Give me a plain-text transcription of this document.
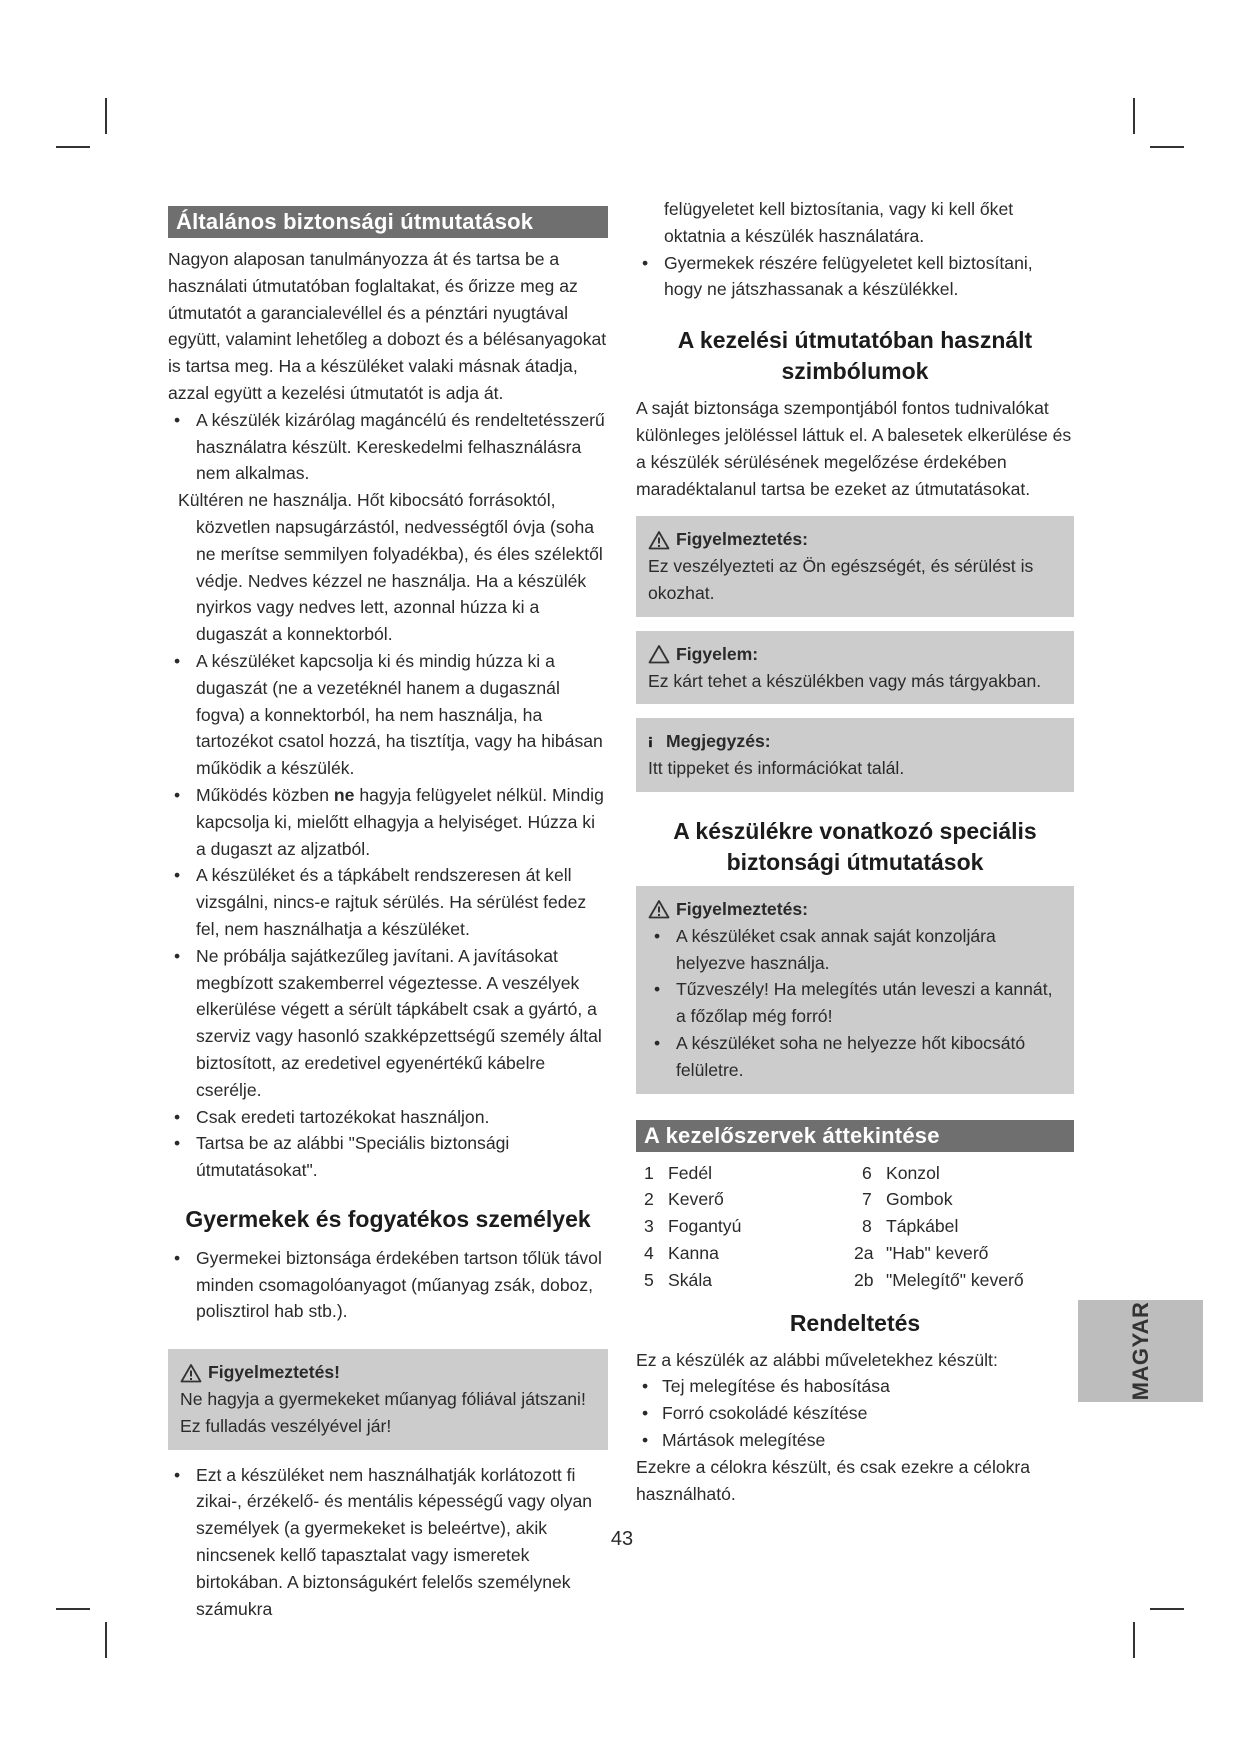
Általános biztonsági útmutatások

Nagyon alaposan tanulmányozza át és tartsa be a használati útmutatóban foglaltakat, és őrizze meg az útmutatót a garancialevéllel és a pénztári nyugtával együtt, valamint lehetőleg a dobozt és a bélésanyagokat is tartsa meg. Ha a készüléket valaki másnak átadja, azzal együtt a kezelési útmutatót is adja át.

• A készülék kizárólag magáncélú és rendeltetésszerű használatra készült. Kereskedelmi felhasználásra nem alkalmas.

Kültéren ne használja. Hőt kibocsátó forrásoktól, közvetlen napsugárzástól, nedvességtől óvja (soha ne merítse semmilyen folyadékba), és éles szélektől védje. Nedves kézzel ne használja. Ha a készülék nyirkos vagy nedves lett, azonnal húzza ki a dugaszát a konnektorból.

• A készüléket kapcsolja ki és mindig húzza ki a dugaszát (ne a vezetéknél hanem a dugasznál fogva) a konnektorból, ha nem használja, ha tartozékot csatol hozzá, ha tisztítja, vagy ha hibásan működik a készülék.
• Működés közben ne hagyja felügyelet nélkül. Mindig kapcsolja ki, mielőtt elhagyja a helyiséget. Húzza ki a dugaszt az aljzatból.
• A készüléket és a tápkábelt rendszeresen át kell vizsgálni, nincs-e rajtuk sérülés. Ha sérülést fedez fel, nem használhatja a készüléket.
• Ne próbálja sajátkezűleg javítani. A javításokat megbízott szakemberrel végeztesse. A veszélyek elkerülése végett a sérült tápkábelt csak a gyártó, a szerviz vagy hasonló szakképzettségű személy által biztosított, az eredetivel egyenértékű kábelre cserélje.
• Csak eredeti tartozékokat használjon.
• Tartsa be az alábbi "Speciális biztonsági útmutatásokat".
Gyermekek és fogyatékos személyek
• Gyermekei biztonsága érdekében tartson tőlük távol minden csomagolóanyagot (műanyag zsák, doboz, polisztirol hab stb.).
Figyelmeztetés!

Ne hagyja a gyermekeket műanyag fóliával játszani! Ez fulladás veszélyével jár!

• Ezt a készüléket nem használhatják korlátozott fi zikai-, érzékelő- és mentális képességű vagy olyan személyek (a gyermekeket is beleértve), akik nincsenek kellő tapasztalat vagy ismeretek birtokában. A biztonságukért felelős személynek számukra

felügyeletet kell biztosítania, vagy ki kell őket oktatnia a készülék használatára.

• Gyermekek részére felügyeletet kell biztosítani, hogy ne játszhassanak a készülékkel.
A kezelési útmutatóban használt szimbólumok

A saját biztonsága szempontjából fontos tudnivalókat különleges jelöléssel láttuk el. A balesetek elkerülése és a készülék sérülésének megelőzése érdekében maradéktalanul tartsa be ezeket az útmutatásokat.

Figyelmeztetés:

Ez veszélyezteti az Ön egészségét, és sérülést is okozhat.

Figyelem:

Ez kárt tehet a készülékben vagy más tárgyakban.

Megjegyzés:

Itt tippeket és információkat talál.

A készülékre vonatkozó speciális biztonsági útmutatások
Figyelmeztetés:
• A készüléket csak annak saját konzoljára helyezve használja.
• Tűzveszély! Ha melegítés után leveszi a kannát, a főzőlap még forró!
• A készüléket soha ne helyezze hőt kibocsátó felületre.
A kezelőszervek áttekintése
1 Fedél	6 Konzol
2 Keverő	7 Gombok
3 Fogantyú	8 Tápkábel
4 Kanna	2a "Hab" keverő
5 Skála	2b "Melegítő" keverő
Rendeltetés

Ez a készülék az alábbi műveletekhez készült:

• Tej melegítése és habosítása
• Forró csokoládé készítése
• Mártások melegítése

Ezekre a célokra készült, és csak ezekre a célokra használható.

MAGYAR
43
